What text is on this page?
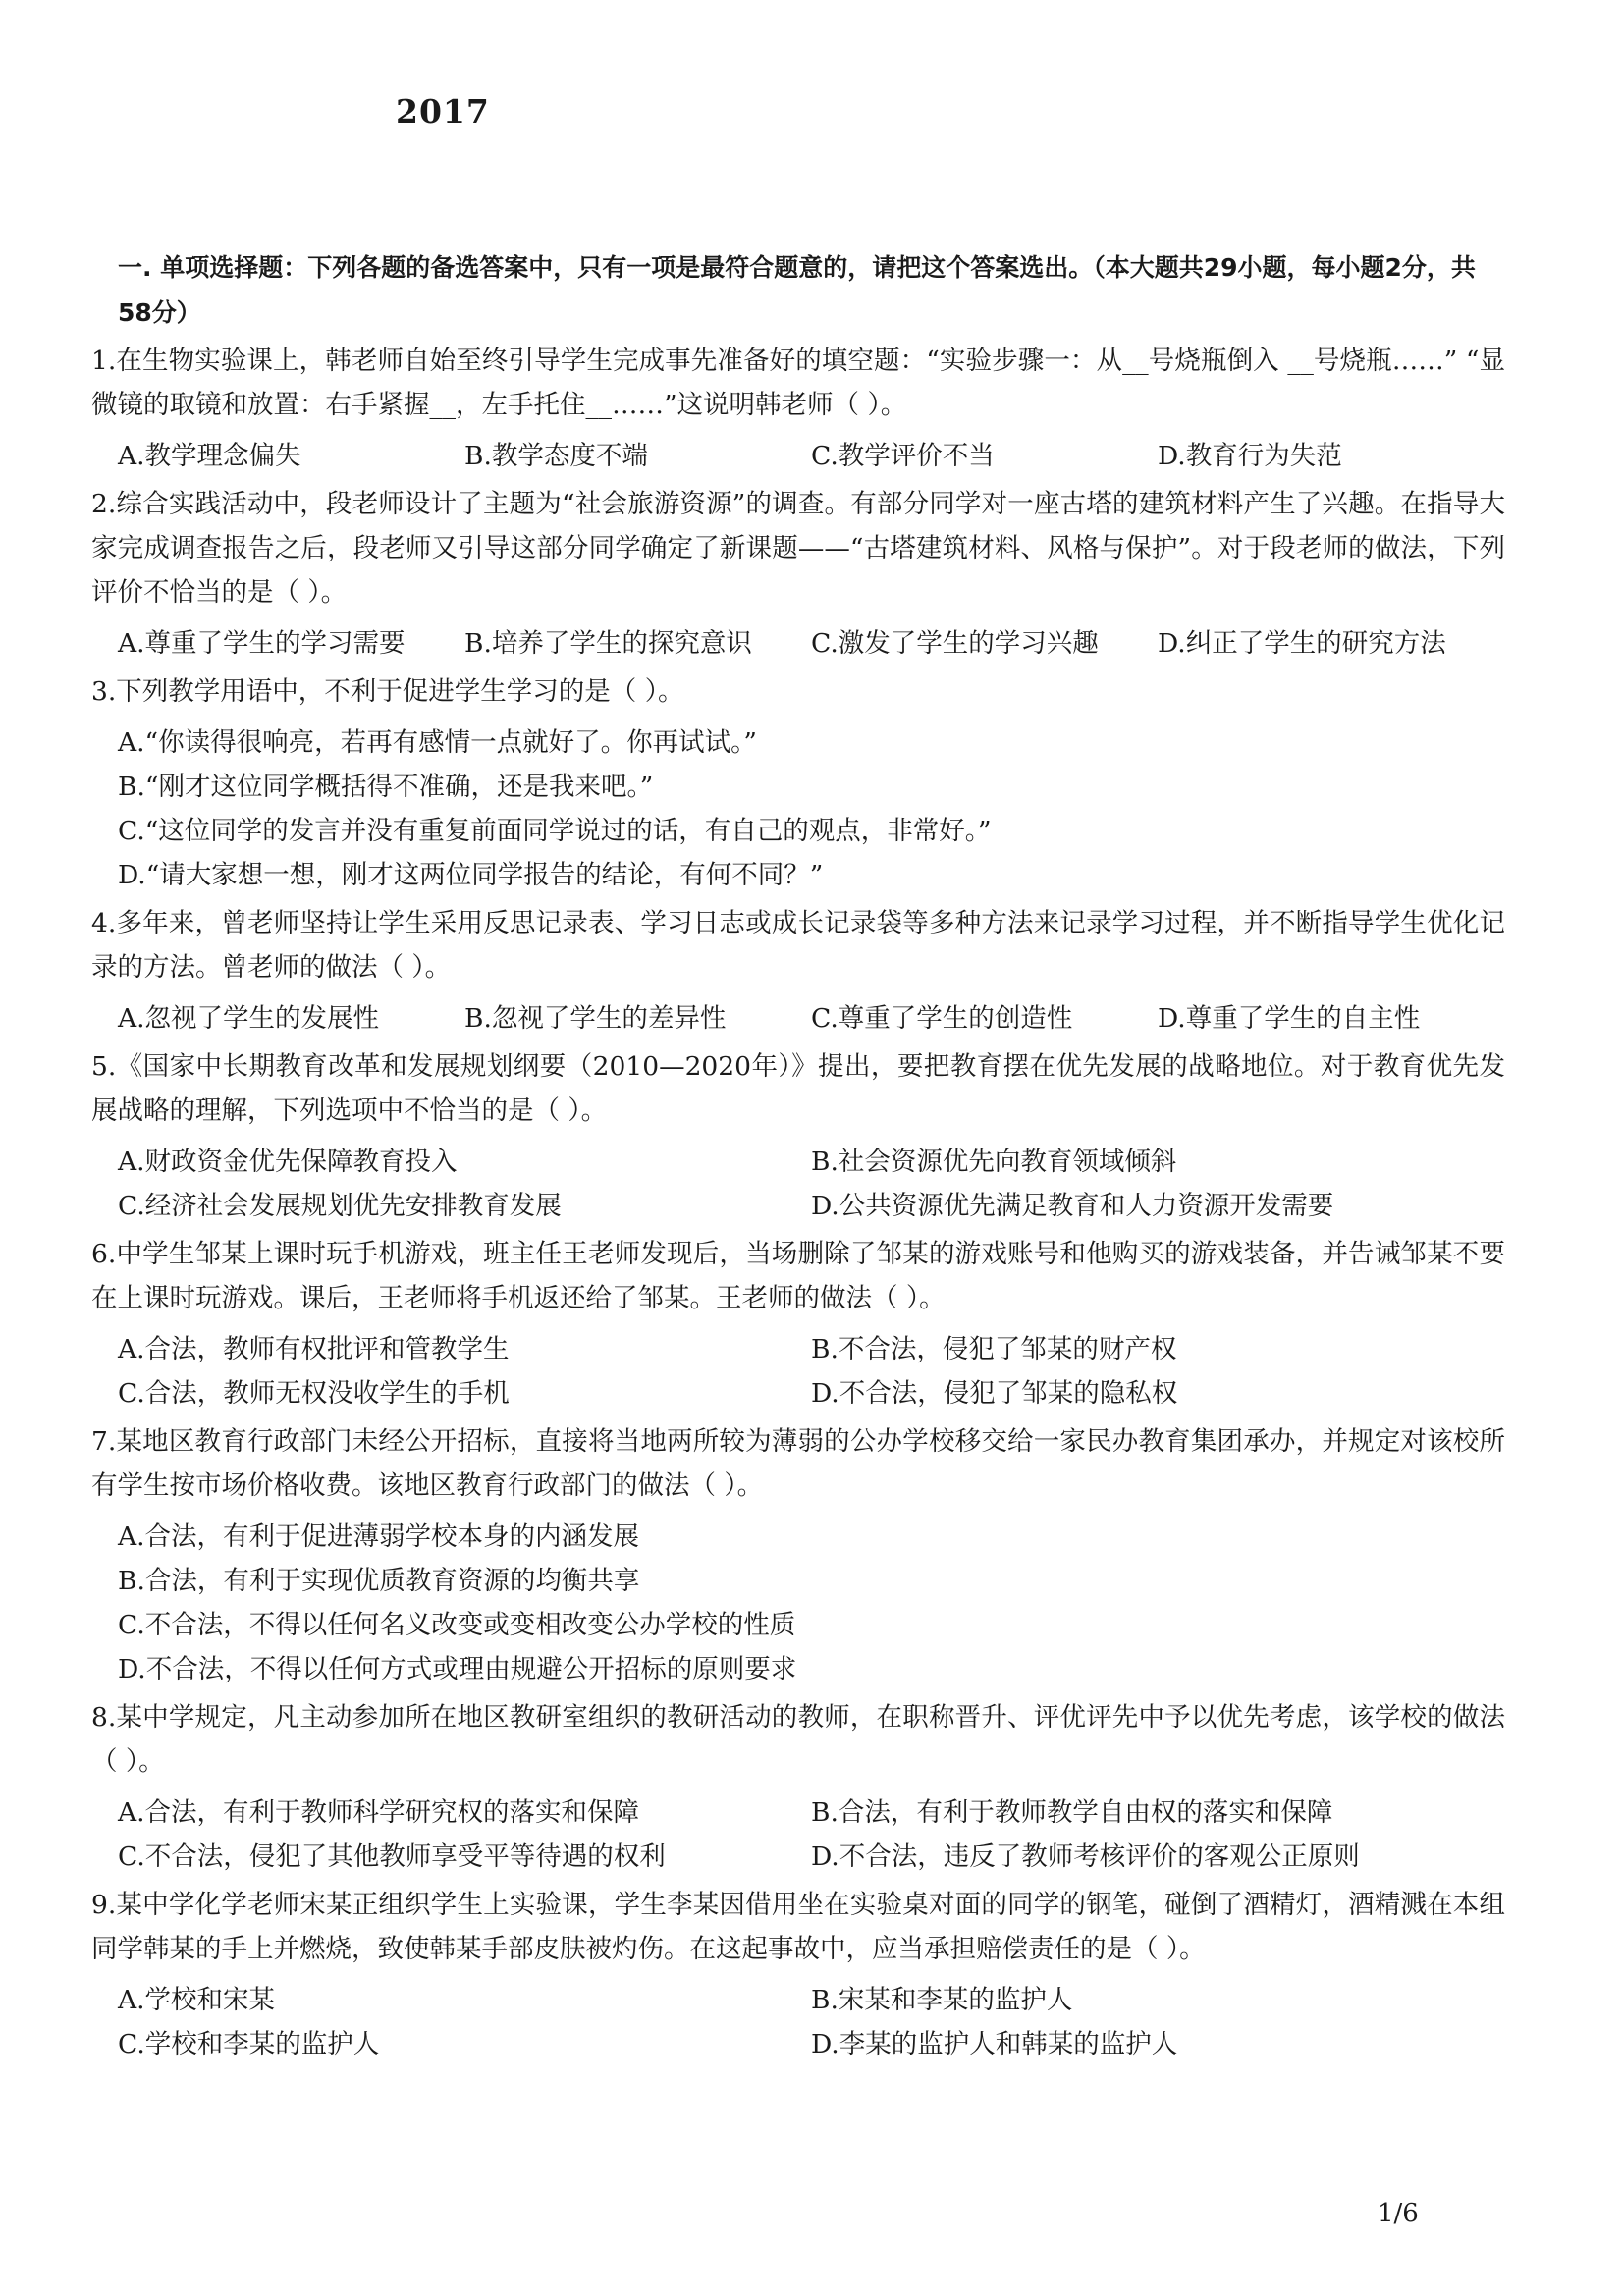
2017
一. 单项选择题：下列各题的备选答案中，只有一项是最符合题意的，请把这个答案选出。（本大题共29小题，每小题2分，共58分）
1.在生物实验课上，韩老师自始至终引导学生完成事先准备好的填空题：“实验步骤一：从__号烧瓶倒入 __号烧瓶……” “显微镜的取镜和放置：右手紧握__，左手托住__……”这说明韩老师（ ）。
A.教学理念偏失	B.教学态度不端	C.教学评价不当	D.教育行为失范
2.综合实践活动中，段老师设计了主题为“社会旅游资源”的调查。有部分同学对一座古塔的建筑材料产生了兴趣。在指导大家完成调查报告之后，段老师又引导这部分同学确定了新课题——“古塔建筑材料、风格与保护”。对于段老师的做法，下列评价不恰当的是（ ）。
A.尊重了学生的学习需要	B.培养了学生的探究意识	C.激发了学生的学习兴趣	D.纠正了学生的研究方法
3.下列教学用语中，不利于促进学生学习的是（ ）。
A.“你读得很响亮，若再有感情一点就好了。你再试试。”
B.“刚才这位同学概括得不准确，还是我来吧。”
C.“这位同学的发言并没有重复前面同学说过的话，有自己的观点，非常好。”
D.“请大家想一想，刚才这两位同学报告的结论，有何不同？”
4.多年来，曾老师坚持让学生采用反思记录表、学习日志或成长记录袋等多种方法来记录学习过程，并不断指导学生优化记录的方法。曾老师的做法（ ）。
A.忽视了学生的发展性	B.忽视了学生的差异性	C.尊重了学生的创造性	D.尊重了学生的自主性
5.《国家中长期教育改革和发展规划纲要（2010—2020年）》提出，要把教育摆在优先发展的战略地位。对于教育优先发展战略的理解，下列选项中不恰当的是（ ）。
A.财政资金优先保障教育投入	B.社会资源优先向教育领域倾斜
C.经济社会发展规划优先安排教育发展	D.公共资源优先满足教育和人力资源开发需要
6.中学生邹某上课时玩手机游戏，班主任王老师发现后，当场删除了邹某的游戏账号和他购买的游戏装备，并告诫邹某不要在上课时玩游戏。课后，王老师将手机返还给了邹某。王老师的做法（ ）。
A.合法，教师有权批评和管教学生	B.不合法，侵犯了邹某的财产权
C.合法，教师无权没收学生的手机	D.不合法，侵犯了邹某的隐私权
7.某地区教育行政部门未经公开招标，直接将当地两所较为薄弱的公办学校移交给一家民办教育集团承办，并规定对该校所有学生按市场价格收费。该地区教育行政部门的做法（ ）。
A.合法，有利于促进薄弱学校本身的内涵发展
B.合法，有利于实现优质教育资源的均衡共享
C.不合法，不得以任何名义改变或变相改变公办学校的性质
D.不合法，不得以任何方式或理由规避公开招标的原则要求
8.某中学规定，凡主动参加所在地区教研室组织的教研活动的教师，在职称晋升、评优评先中予以优先考虑，该学校的做法（ ）。
A.合法，有利于教师科学研究权的落实和保障	B.合法，有利于教师教学自由权的落实和保障
C.不合法，侵犯了其他教师享受平等待遇的权利	D.不合法，违反了教师考核评价的客观公正原则
9.某中学化学老师宋某正组织学生上实验课，学生李某因借用坐在实验桌对面的同学的钢笔，碰倒了酒精灯，酒精溅在本组同学韩某的手上并燃烧，致使韩某手部皮肤被灼伤。在这起事故中，应当承担赔偿责任的是（ ）。
A.学校和宋某	B.宋某和李某的监护人
C.学校和李某的监护人	D.李某的监护人和韩某的监护人
1/6
